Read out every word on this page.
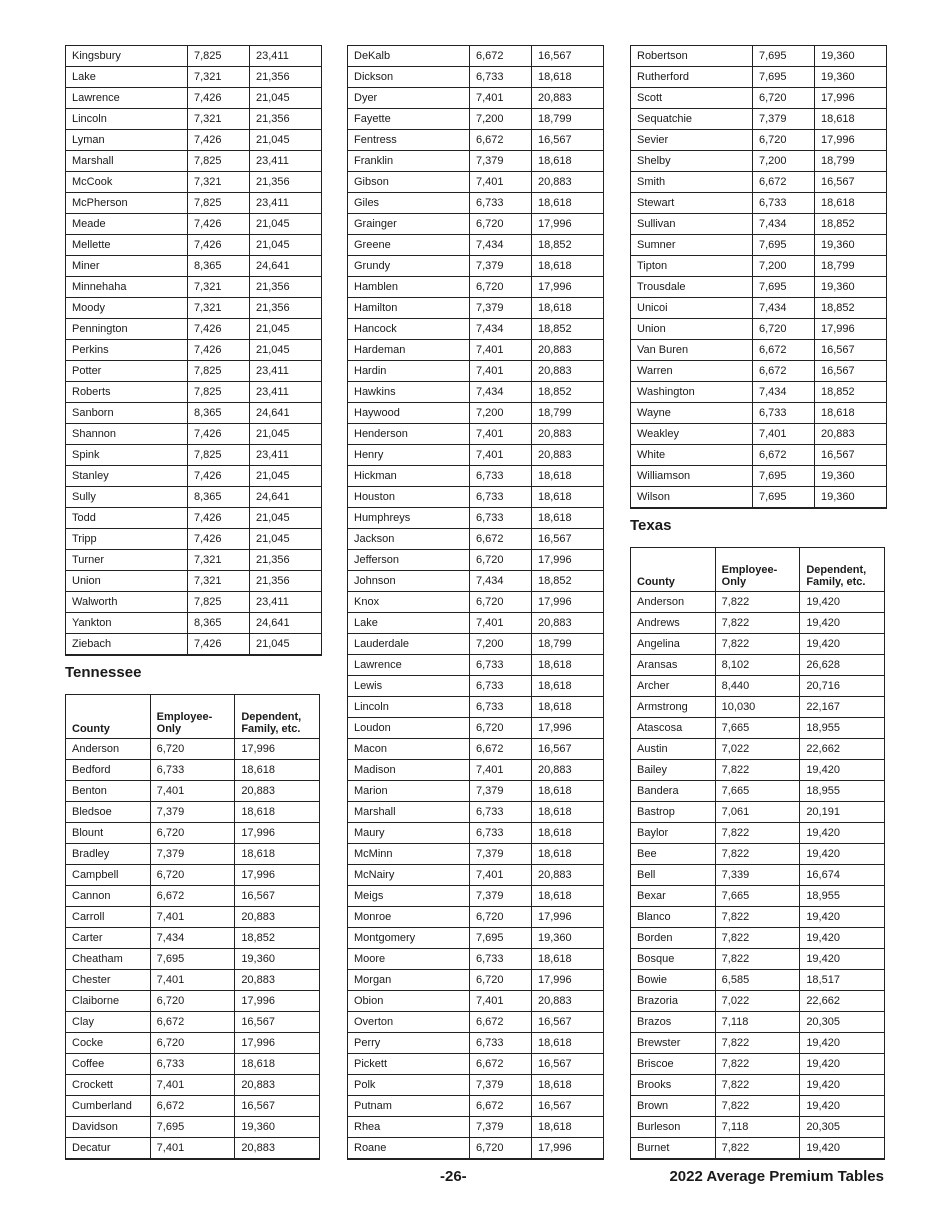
Kingsbury	7,825	23,411
Lake	7,321	21,356
Lawrence	7,426	21,045
Lincoln	7,321	21,356
Lyman	7,426	21,045
Marshall	7,825	23,411
McCook	7,321	21,356
McPherson	7,825	23,411
Meade	7,426	21,045
Mellette	7,426	21,045
Miner	8,365	24,641
Minnehaha	7,321	21,356
Moody	7,321	21,356
Pennington	7,426	21,045
Perkins	7,426	21,045
Potter	7,825	23,411
Roberts	7,825	23,411
Sanborn	8,365	24,641
Shannon	7,426	21,045
Spink	7,825	23,411
Stanley	7,426	21,045
Sully	8,365	24,641
Todd	7,426	21,045
Tripp	7,426	21,045
Turner	7,321	21,356
Union	7,321	21,356
Walworth	7,825	23,411
Yankton	8,365	24,641
Ziebach	7,426	21,045
Tennessee
County	Employee-Only	Dependent, Family, etc.
Anderson	6,720	17,996
Bedford	6,733	18,618
Benton	7,401	20,883
Bledsoe	7,379	18,618
Blount	6,720	17,996
Bradley	7,379	18,618
Campbell	6,720	17,996
Cannon	6,672	16,567
Carroll	7,401	20,883
Carter	7,434	18,852
Cheatham	7,695	19,360
Chester	7,401	20,883
Claiborne	6,720	17,996
Clay	6,672	16,567
Cocke	6,720	17,996
Coffee	6,733	18,618
Crockett	7,401	20,883
Cumberland	6,672	16,567
Davidson	7,695	19,360
Decatur	7,401	20,883
DeKalb	6,672	16,567
Dickson	6,733	18,618
Dyer	7,401	20,883
Fayette	7,200	18,799
Fentress	6,672	16,567
Franklin	7,379	18,618
Gibson	7,401	20,883
Giles	6,733	18,618
Grainger	6,720	17,996
Greene	7,434	18,852
Grundy	7,379	18,618
Hamblen	6,720	17,996
Hamilton	7,379	18,618
Hancock	7,434	18,852
Hardeman	7,401	20,883
Hardin	7,401	20,883
Hawkins	7,434	18,852
Haywood	7,200	18,799
Henderson	7,401	20,883
Henry	7,401	20,883
Hickman	6,733	18,618
Houston	6,733	18,618
Humphreys	6,733	18,618
Jackson	6,672	16,567
Jefferson	6,720	17,996
Johnson	7,434	18,852
Knox	6,720	17,996
Lake	7,401	20,883
Lauderdale	7,200	18,799
Lawrence	6,733	18,618
Lewis	6,733	18,618
Lincoln	6,733	18,618
Loudon	6,720	17,996
Macon	6,672	16,567
Madison	7,401	20,883
Marion	7,379	18,618
Marshall	6,733	18,618
Maury	6,733	18,618
McMinn	7,379	18,618
McNairy	7,401	20,883
Meigs	7,379	18,618
Monroe	6,720	17,996
Montgomery	7,695	19,360
Moore	6,733	18,618
Morgan	6,720	17,996
Obion	7,401	20,883
Overton	6,672	16,567
Perry	6,733	18,618
Pickett	6,672	16,567
Polk	7,379	18,618
Putnam	6,672	16,567
Rhea	7,379	18,618
Roane	6,720	17,996
Robertson	7,695	19,360
Rutherford	7,695	19,360
Scott	6,720	17,996
Sequatchie	7,379	18,618
Sevier	6,720	17,996
Shelby	7,200	18,799
Smith	6,672	16,567
Stewart	6,733	18,618
Sullivan	7,434	18,852
Sumner	7,695	19,360
Tipton	7,200	18,799
Trousdale	7,695	19,360
Unicoi	7,434	18,852
Union	6,720	17,996
Van Buren	6,672	16,567
Warren	6,672	16,567
Washington	7,434	18,852
Wayne	6,733	18,618
Weakley	7,401	20,883
White	6,672	16,567
Williamson	7,695	19,360
Wilson	7,695	19,360
Texas
County	Employee-Only	Dependent, Family, etc.
Anderson	7,822	19,420
Andrews	7,822	19,420
Angelina	7,822	19,420
Aransas	8,102	26,628
Archer	8,440	20,716
Armstrong	10,030	22,167
Atascosa	7,665	18,955
Austin	7,022	22,662
Bailey	7,822	19,420
Bandera	7,665	18,955
Bastrop	7,061	20,191
Baylor	7,822	19,420
Bee	7,822	19,420
Bell	7,339	16,674
Bexar	7,665	18,955
Blanco	7,822	19,420
Borden	7,822	19,420
Bosque	7,822	19,420
Bowie	6,585	18,517
Brazoria	7,022	22,662
Brazos	7,118	20,305
Brewster	7,822	19,420
Briscoe	7,822	19,420
Brooks	7,822	19,420
Brown	7,822	19,420
Burleson	7,118	20,305
Burnet	7,822	19,420
-26-	2022 Average Premium Tables
